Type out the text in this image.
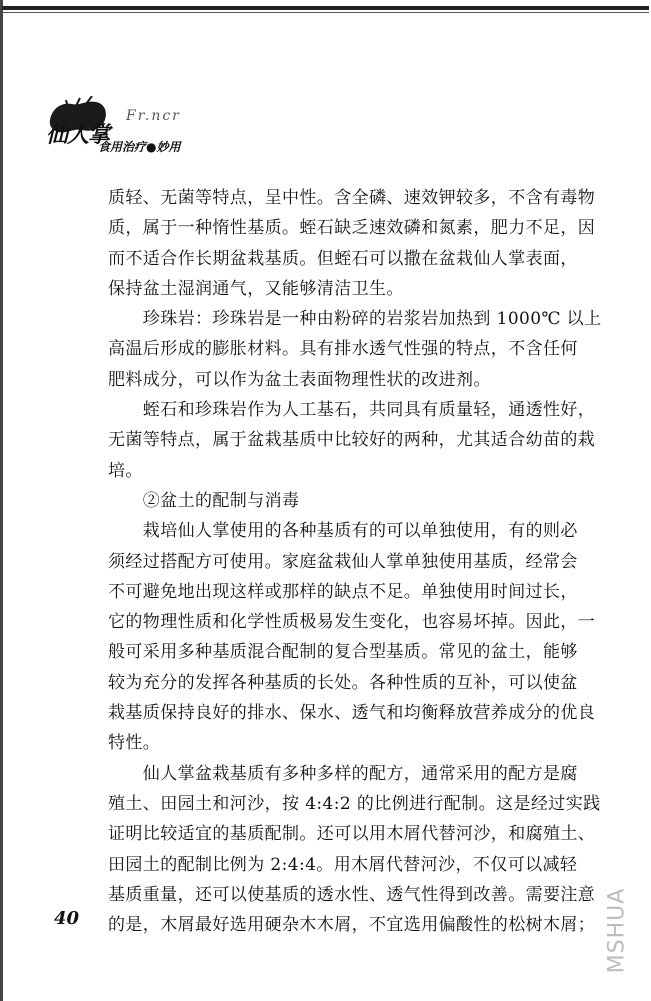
Fr.ncr
仙人掌
食用治疗●妙用
质轻、无菌等特点，呈中性。含全磷、速效钾较多，不含有毒物
质，属于一种惰性基质。蛭石缺乏速效磷和氮素，肥力不足，因
而不适合作长期盆栽基质。但蛭石可以撒在盆栽仙人掌表面，
保持盆土湿润通气，又能够清洁卫生。
　　珍珠岩：珍珠岩是一种由粉碎的岩浆岩加热到 1000℃ 以上
高温后形成的膨胀材料。具有排水透气性强的特点，不含任何
肥料成分，可以作为盆土表面物理性状的改进剂。
　　蛭石和珍珠岩作为人工基石，共同具有质量轻，通透性好，
无菌等特点，属于盆栽基质中比较好的两种，尤其适合幼苗的栽
培。
　　②盆土的配制与消毒
　　栽培仙人掌使用的各种基质有的可以单独使用，有的则必
须经过搭配方可使用。家庭盆栽仙人掌单独使用基质，经常会
不可避免地出现这样或那样的缺点不足。单独使用时间过长，
它的物理性质和化学性质极易发生变化，也容易坏掉。因此，一
般可采用多种基质混合配制的复合型基质。常见的盆土，能够
较为充分的发挥各种基质的长处。各种性质的互补，可以使盆
栽基质保持良好的排水、保水、透气和均衡释放营养成分的优良
特性。
　　仙人掌盆栽基质有多种多样的配方，通常采用的配方是腐
殖土、田园土和河沙，按 4:4:2 的比例进行配制。这是经过实践
证明比较适宜的基质配制。还可以用木屑代替河沙，和腐殖土、
田园土的配制比例为 2:4:4。用木屑代替河沙，不仅可以减轻
基质重量，还可以使基质的透水性、透气性得到改善。需要注意
的是，木屑最好选用硬杂木木屑，不宜选用偏酸性的松树木屑；
40	MSHUA
